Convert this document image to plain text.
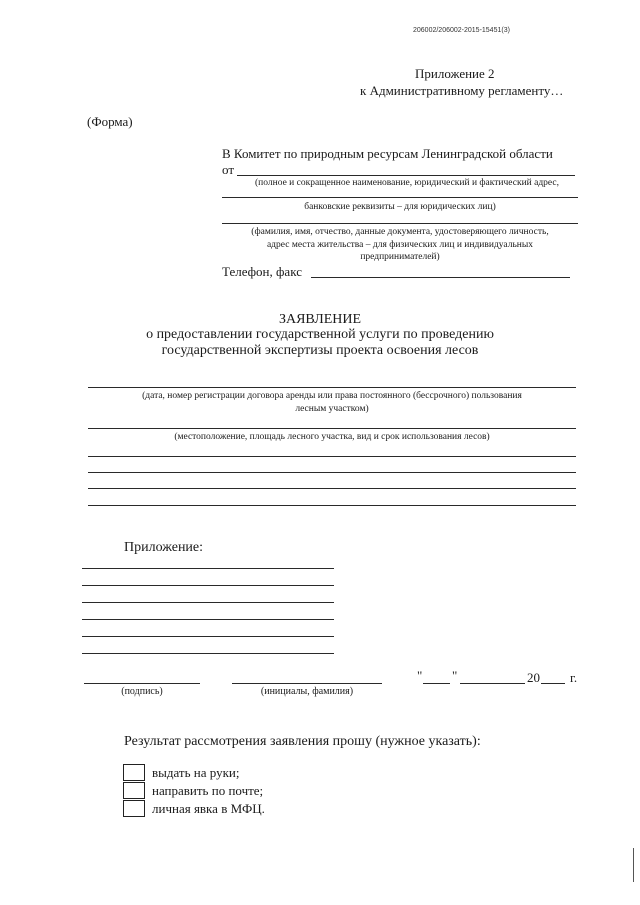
206002/206002-2015-15451(3)
Приложение 2
к Административному регламенту…
(Форма)
В Комитет по природным ресурсам Ленинградской области
от
(полное и сокращенное наименование, юридический и фактический адрес,
банковские реквизиты – для юридических лиц)
(фамилия, имя, отчество, данные документа, удостоверяющего личность,
адрес места жительства – для физических лиц и индивидуальных
предпринимателей)
Телефон, факс
ЗАЯВЛЕНИЕ
о предоставлении государственной услуги по проведению
государственной экспертизы проекта освоения лесов
(дата, номер регистрации договора аренды или права постоянного (бессрочного) пользования
лесным участком)
(местоположение, площадь лесного участка, вид и срок использования лесов)
Приложение:
(подпись)	(инициалы, фамилия)
" "	20 г.
Результат рассмотрения заявления прошу (нужное указать):
выдать на руки;
направить по почте;
личная явка в МФЦ.
